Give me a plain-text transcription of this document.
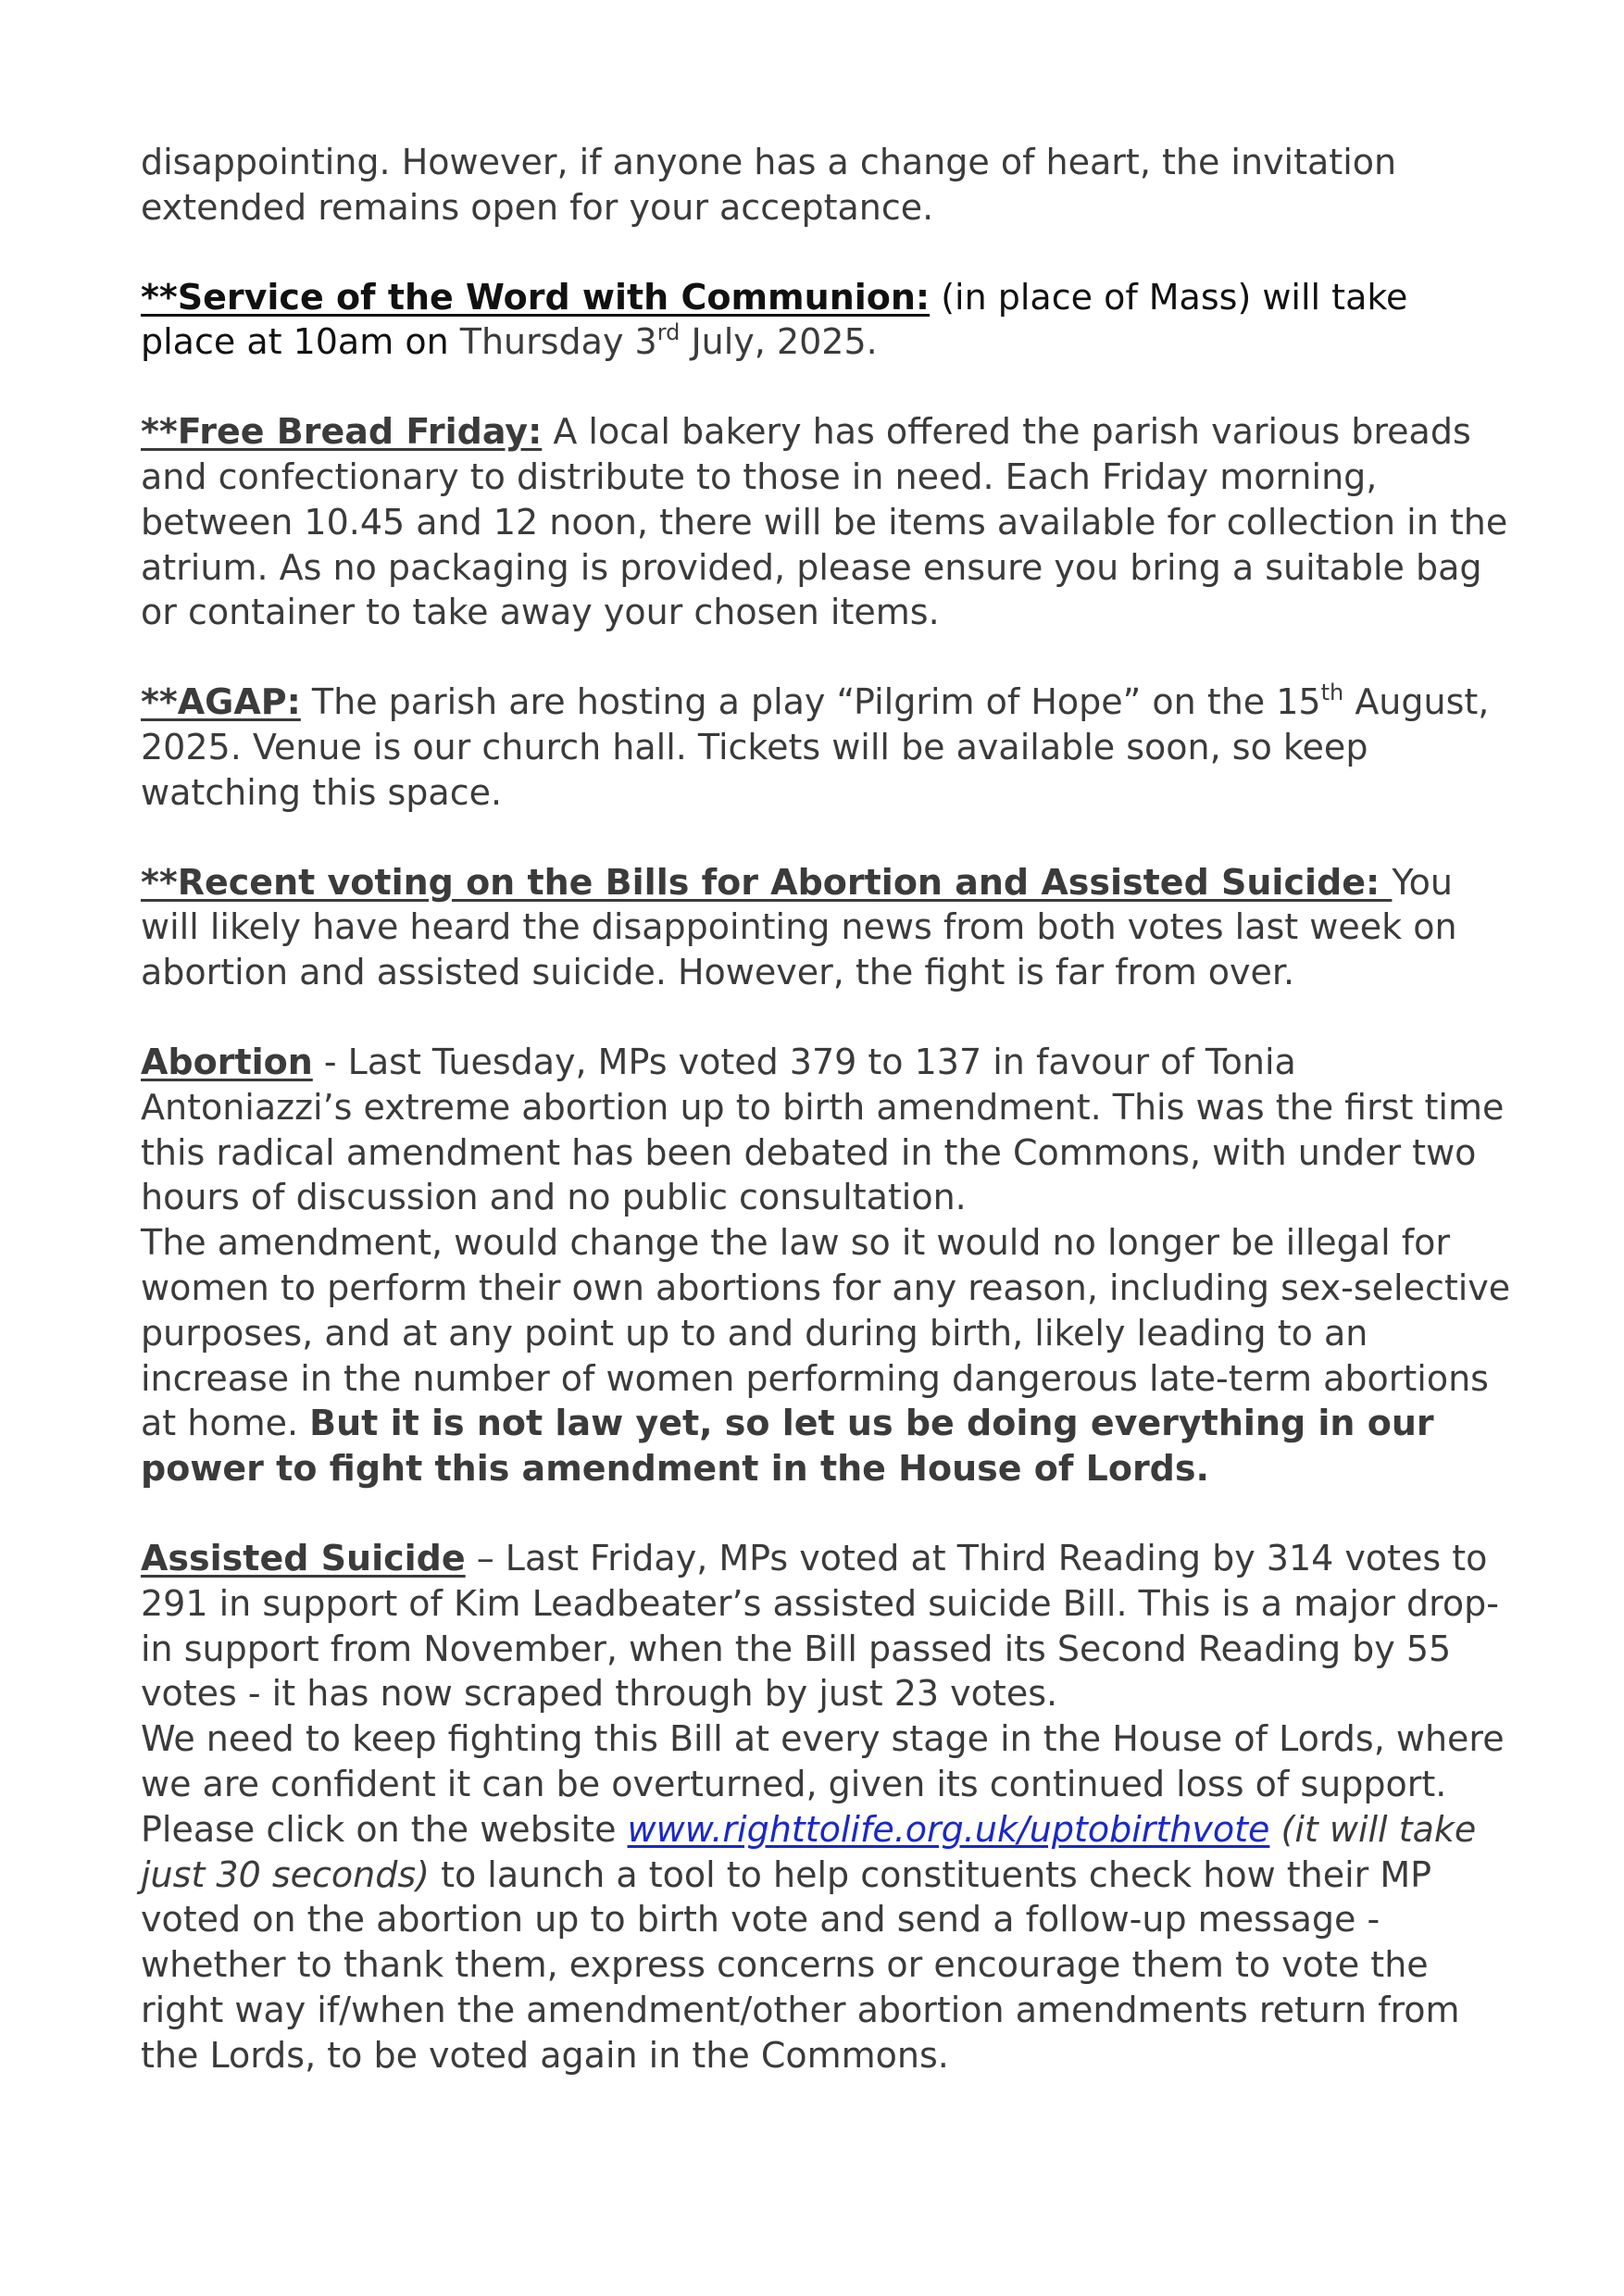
disappointing. However, if anyone has a change of heart, the invitation extended remains open for your acceptance.

**Service of the Word with Communion: (in place of Mass) will take place at 10am on Thursday 3rd July, 2025.

**Free Bread Friday: A local bakery has offered the parish various breads and confectionary to distribute to those in need. Each Friday morning, between 10.45 and 12 noon, there will be items available for collection in the atrium. As no packaging is provided, please ensure you bring a suitable bag or container to take away your chosen items.

**AGAP: The parish are hosting a play “Pilgrim of Hope” on the 15th August, 2025. Venue is our church hall. Tickets will be available soon, so keep watching this space.

**Recent voting on the Bills for Abortion and Assisted Suicide: You will likely have heard the disappointing news from both votes last week on abortion and assisted suicide. However, the fight is far from over.

Abortion - Last Tuesday, MPs voted 379 to 137 in favour of Tonia Antoniazzi’s extreme abortion up to birth amendment. This was the first time this radical amendment has been debated in the Commons, with under two hours of discussion and no public consultation.

The amendment, would change the law so it would no longer be illegal for women to perform their own abortions for any reason, including sex-selective purposes, and at any point up to and during birth, likely leading to an increase in the number of women performing dangerous late-term abortions at home. But it is not law yet, so let us be doing everything in our power to fight this amendment in the House of Lords.

Assisted Suicide – Last Friday, MPs voted at Third Reading by 314 votes to 291 in support of Kim Leadbeater’s assisted suicide Bill. This is a major drop-in support from November, when the Bill passed its Second Reading by 55 votes - it has now scraped through by just 23 votes.

We need to keep fighting this Bill at every stage in the House of Lords, where we are confident it can be overturned, given its continued loss of support.

Please click on the website www.righttolife.org.uk/uptobirthvote (it will take just 30 seconds) to launch a tool to help constituents check how their MP voted on the abortion up to birth vote and send a follow-up message - whether to thank them, express concerns or encourage them to vote the right way if/when the amendment/other abortion amendments return from the Lords, to be voted again in the Commons.
